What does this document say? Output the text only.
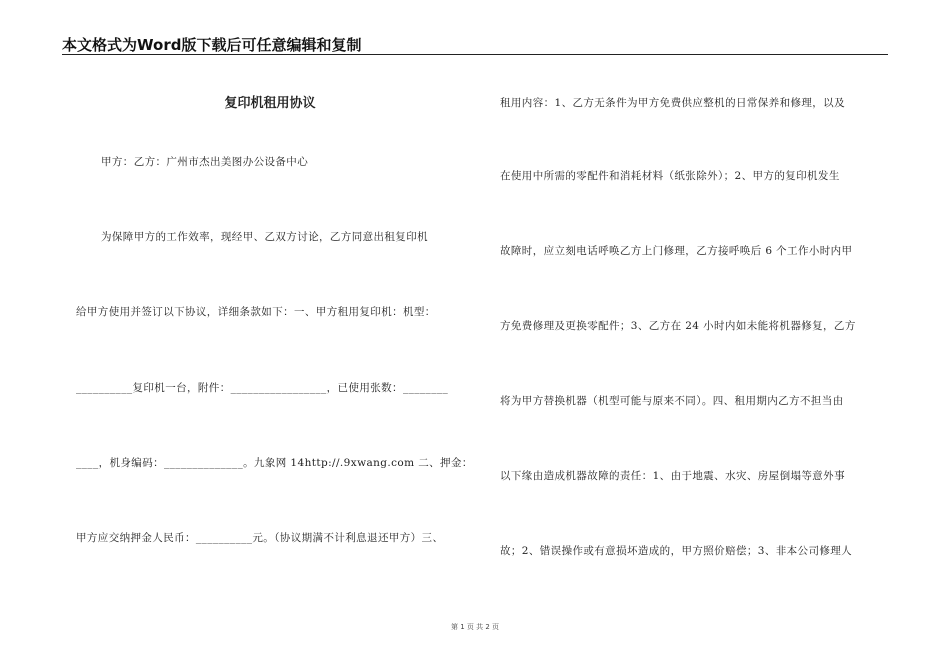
本文格式为Word版下载后可任意编辑和复制
复印机租用协议
甲方：乙方：广州市杰出美图办公设备中心
为保障甲方的工作效率，现经甲、乙双方讨论，乙方同意出租复印机
给甲方使用并签订以下协议，详细条款如下：一、甲方租用复印机：机型：
__________复印机一台，附件：_________________，已使用张数：________
____，机身编码：______________。九象网 14http://.9xwang.com 二、押金：
甲方应交纳押金人民币：__________元。（协议期满不计利息退还甲方）三、
租用内容：1、乙方无条件为甲方免费供应整机的日常保养和修理，以及
在使用中所需的零配件和消耗材料（纸张除外）；2、甲方的复印机发生
故障时，应立刻电话呼唤乙方上门修理，乙方接呼唤后 6 个工作小时内甲
方免费修理及更换零配件；3、乙方在 24 小时内如未能将机器修复，乙方
将为甲方替换机器（机型可能与原来不同）。四、租用期内乙方不担当由
以下缘由造成机器故障的责任：1、由于地震、水灾、房屋倒塌等意外事
故；2、错误操作或有意损坏造成的，甲方照价赔偿；3、非本公司修理人
第 1 页 共 2 页
